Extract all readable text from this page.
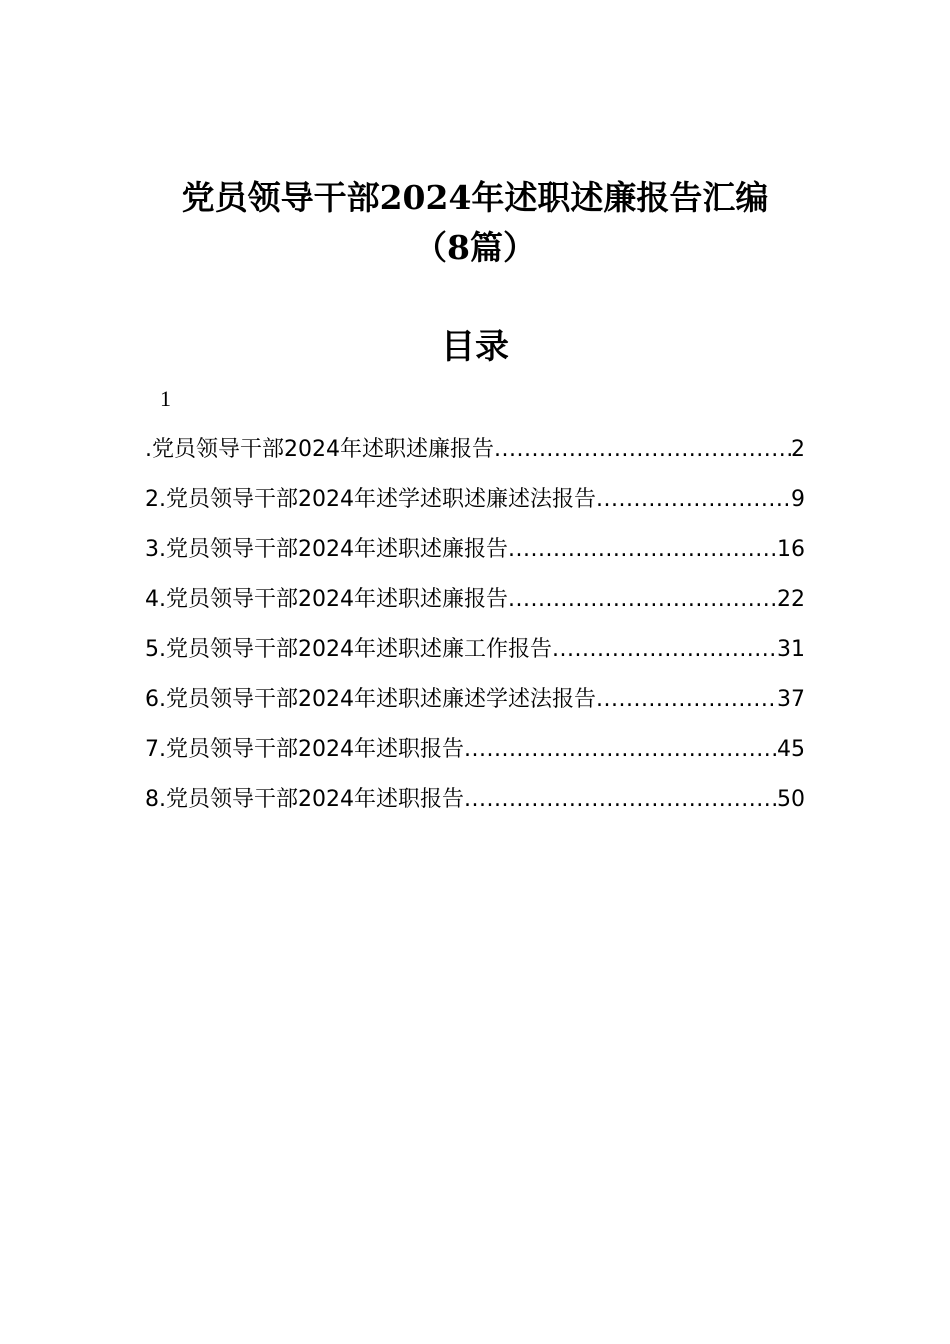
党员领导干部2024年述职述廉报告汇编
（8篇）
目录
1
.党员领导干部2024年述职述廉报告 .....	2
2.党员领导干部2024年述学述职述廉述法报告 .....	9
3.党员领导干部2024年述职述廉报告 .....	16
4.党员领导干部2024年述职述廉报告 .....	22
5.党员领导干部2024年述职述廉工作报告 .....	31
6.党员领导干部2024年述职述廉述学述法报告 .....	37
7.党员领导干部2024年述职报告 .....	45
8.党员领导干部2024年述职报告 .....	50
